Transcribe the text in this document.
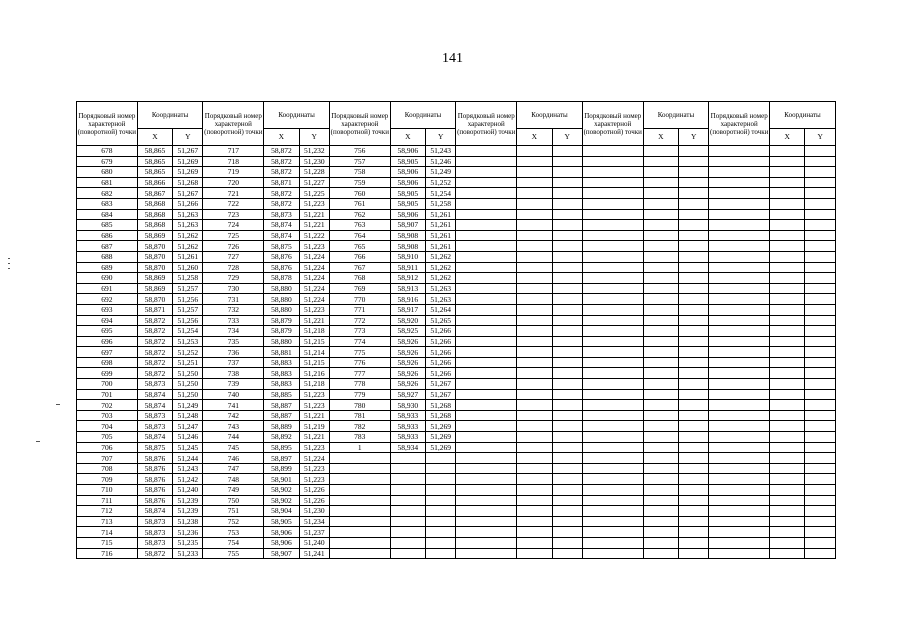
141
Порядковый номер характерной (поворотной) точки	Координаты		Порядковый номер характерной (поворотной) точки	Координаты		Порядковый номер характерной (поворотной) точки	Координаты		Порядковый номер характерной (поворотной) точки	Координаты		Порядковый номер характерной (поворотной) точки	Координаты		Порядковый номер характерной (поворотной) точки	Координаты	
	X	Y		X	Y		X	Y		X	Y		X	Y		X	Y
678	58,865	51,267	717	58,872	51,232	756	58,906	51,243									
679	58,865	51,269	718	58,872	51,230	757	58,905	51,246									
680	58,865	51,269	719	58,872	51,228	758	58,906	51,249									
681	58,866	51,268	720	58,871	51,227	759	58,906	51,252									
682	58,867	51,267	721	58,872	51,225	760	58,905	51,254									
683	58,868	51,266	722	58,872	51,223	761	58,905	51,258									
684	58,868	51,263	723	58,873	51,221	762	58,906	51,261									
685	58,868	51,263	724	58,874	51,221	763	58,907	51,261									
686	58,869	51,262	725	58,874	51,222	764	58,908	51,261									
687	58,870	51,262	726	58,875	51,223	765	58,908	51,261									
688	58,870	51,261	727	58,876	51,224	766	58,910	51,262									
689	58,870	51,260	728	58,876	51,224	767	58,911	51,262									
690	58,869	51,258	729	58,878	51,224	768	58,912	51,262									
691	58,869	51,257	730	58,880	51,224	769	58,913	51,263									
692	58,870	51,256	731	58,880	51,224	770	58,916	51,263									
693	58,871	51,257	732	58,880	51,223	771	58,917	51,264									
694	58,872	51,256	733	58,879	51,221	772	58,920	51,265									
695	58,872	51,254	734	58,879	51,218	773	58,925	51,266									
696	58,872	51,253	735	58,880	51,215	774	58,926	51,266									
697	58,872	51,252	736	58,881	51,214	775	58,926	51,266									
698	58,872	51,251	737	58,883	51,215	776	58,926	51,266									
699	58,872	51,250	738	58,883	51,216	777	58,926	51,266									
700	58,873	51,250	739	58,883	51,218	778	58,926	51,267									
701	58,874	51,250	740	58,885	51,223	779	58,927	51,267									
702	58,874	51,249	741	58,887	51,223	780	58,930	51,268									
703	58,873	51,248	742	58,887	51,221	781	58,933	51,268									
704	58,873	51,247	743	58,889	51,219	782	58,933	51,269									
705	58,874	51,246	744	58,892	51,221	783	58,933	51,269									
706	58,875	51,245	745	58,895	51,223	1	58,934	51,269									
707	58,876	51,244	746	58,897	51,224												
708	58,876	51,243	747	58,899	51,223												
709	58,876	51,242	748	58,901	51,223												
710	58,876	51,240	749	58,902	51,226												
711	58,876	51,239	750	58,902	51,226												
712	58,874	51,239	751	58,904	51,230												
713	58,873	51,238	752	58,905	51,234												
714	58,873	51,236	753	58,906	51,237												
715	58,873	51,235	754	58,906	51,240												
716	58,872	51,233	755	58,907	51,241												
